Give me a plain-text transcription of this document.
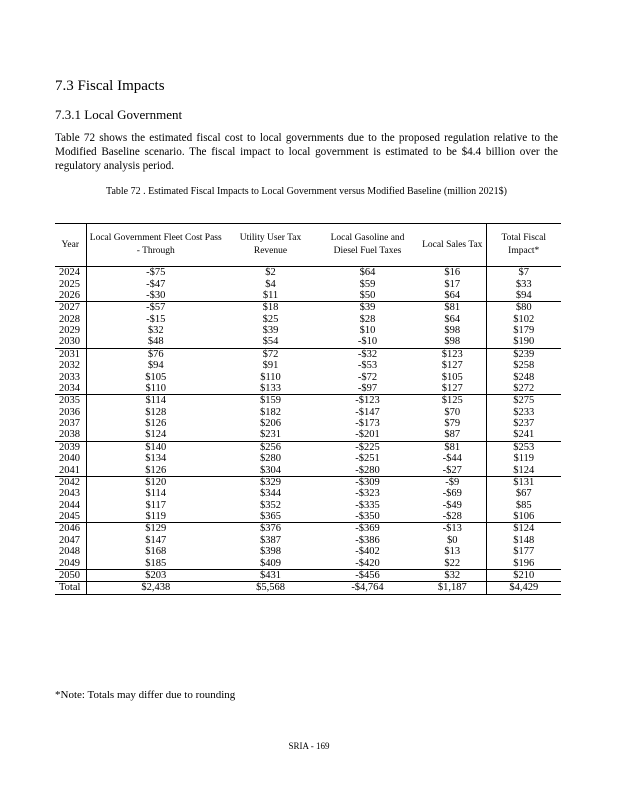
7.3 Fiscal Impacts
7.3.1 Local Government
Table 72 shows the estimated fiscal cost to local governments due to the proposed regulation relative to the Modified Baseline scenario. The fiscal impact to local government is estimated to be $4.4 billion over the regulatory analysis period.
Table 72 . Estimated Fiscal Impacts to Local Government versus Modified Baseline (million 2021$)
Year	Local Government Fleet Cost Pass - Through	Utility User Tax Revenue	Local Gasoline and Diesel Fuel Taxes	Local Sales Tax	Total Fiscal Impact*
2024	-$75	$2	$64	$16	$7
2025	-$47	$4	$59	$17	$33
2026	-$30	$11	$50	$64	$94
2027	-$57	$18	$39	$81	$80
2028	-$15	$25	$28	$64	$102
2029	$32	$39	$10	$98	$179
2030	$48	$54	-$10	$98	$190
2031	$76	$72	-$32	$123	$239
2032	$94	$91	-$53	$127	$258
2033	$105	$110	-$72	$105	$248
2034	$110	$133	-$97	$127	$272
2035	$114	$159	-$123	$125	$275
2036	$128	$182	-$147	$70	$233
2037	$126	$206	-$173	$79	$237
2038	$124	$231	-$201	$87	$241
2039	$140	$256	-$225	$81	$253
2040	$134	$280	-$251	-$44	$119
2041	$126	$304	-$280	-$27	$124
2042	$120	$329	-$309	-$9	$131
2043	$114	$344	-$323	-$69	$67
2044	$117	$352	-$335	-$49	$85
2045	$119	$365	-$350	-$28	$106
2046	$129	$376	-$369	-$13	$124
2047	$147	$387	-$386	$0	$148
2048	$168	$398	-$402	$13	$177
2049	$185	$409	-$420	$22	$196
2050	$203	$431	-$456	$32	$210
Total	$2,438	$5,568	-$4,764	$1,187	$4,429
*Note: Totals may differ due to rounding
SRIA - 169
